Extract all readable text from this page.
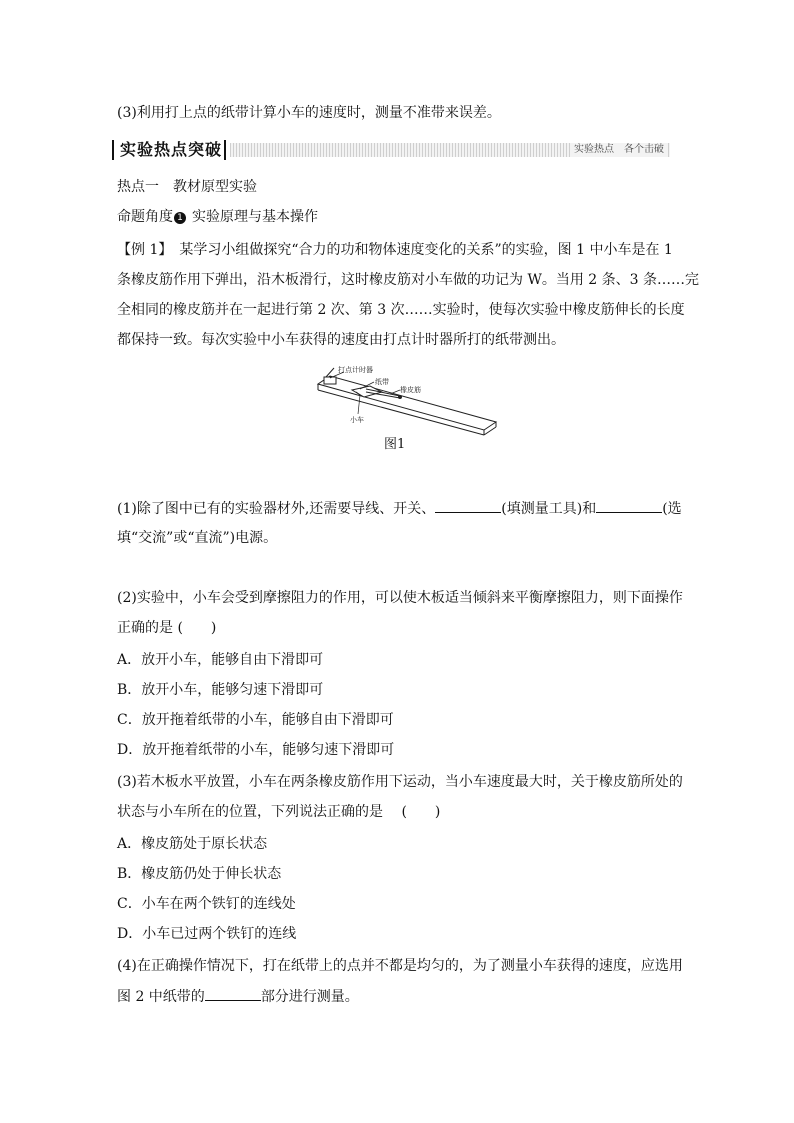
(3)利用打上点的纸带计算小车的速度时，测量不准带来误差。
实验热点突破	实验热点　各个击破
热点一　教材原型实验
命题角度 1 实验原理与基本操作
【例 1】　某学习小组做探究“合力的功和物体速度变化的关系”的实验，图 1 中小车是在 1
条橡皮筋作用下弹出，沿木板滑行，这时橡皮筋对小车做的功记为 W。当用 2 条、3 条……完
全相同的橡皮筋并在一起进行第 2 次、第 3 次……实验时，使每次实验中橡皮筋伸长的长度
都保持一致。每次实验中小车获得的速度由打点计时器所打的纸带测出。
打点计时器
纸带
橡皮筋
小车
图1
(1)除了图中已有的实验器材外,还需要导线、开关、	(填测量工具)和	(选
填“交流”或“直流”)电源。
(2)实验中，小车会受到摩擦阻力的作用，可以使木板适当倾斜来平衡摩擦阻力，则下面操作
正确的是 (　　)
A．放开小车，能够自由下滑即可
B．放开小车，能够匀速下滑即可
C．放开拖着纸带的小车，能够自由下滑即可
D．放开拖着纸带的小车，能够匀速下滑即可
(3)若木板水平放置，小车在两条橡皮筋作用下运动，当小车速度最大时，关于橡皮筋所处的
状态与小车所在的位置，下列说法正确的是　 (　　)
A．橡皮筋处于原长状态
B．橡皮筋仍处于伸长状态
C．小车在两个铁钉的连线处
D．小车已过两个铁钉的连线
(4)在正确操作情况下，打在纸带上的点并不都是均匀的，为了测量小车获得的速度，应选用
图 2 中纸带的	部分进行测量。
